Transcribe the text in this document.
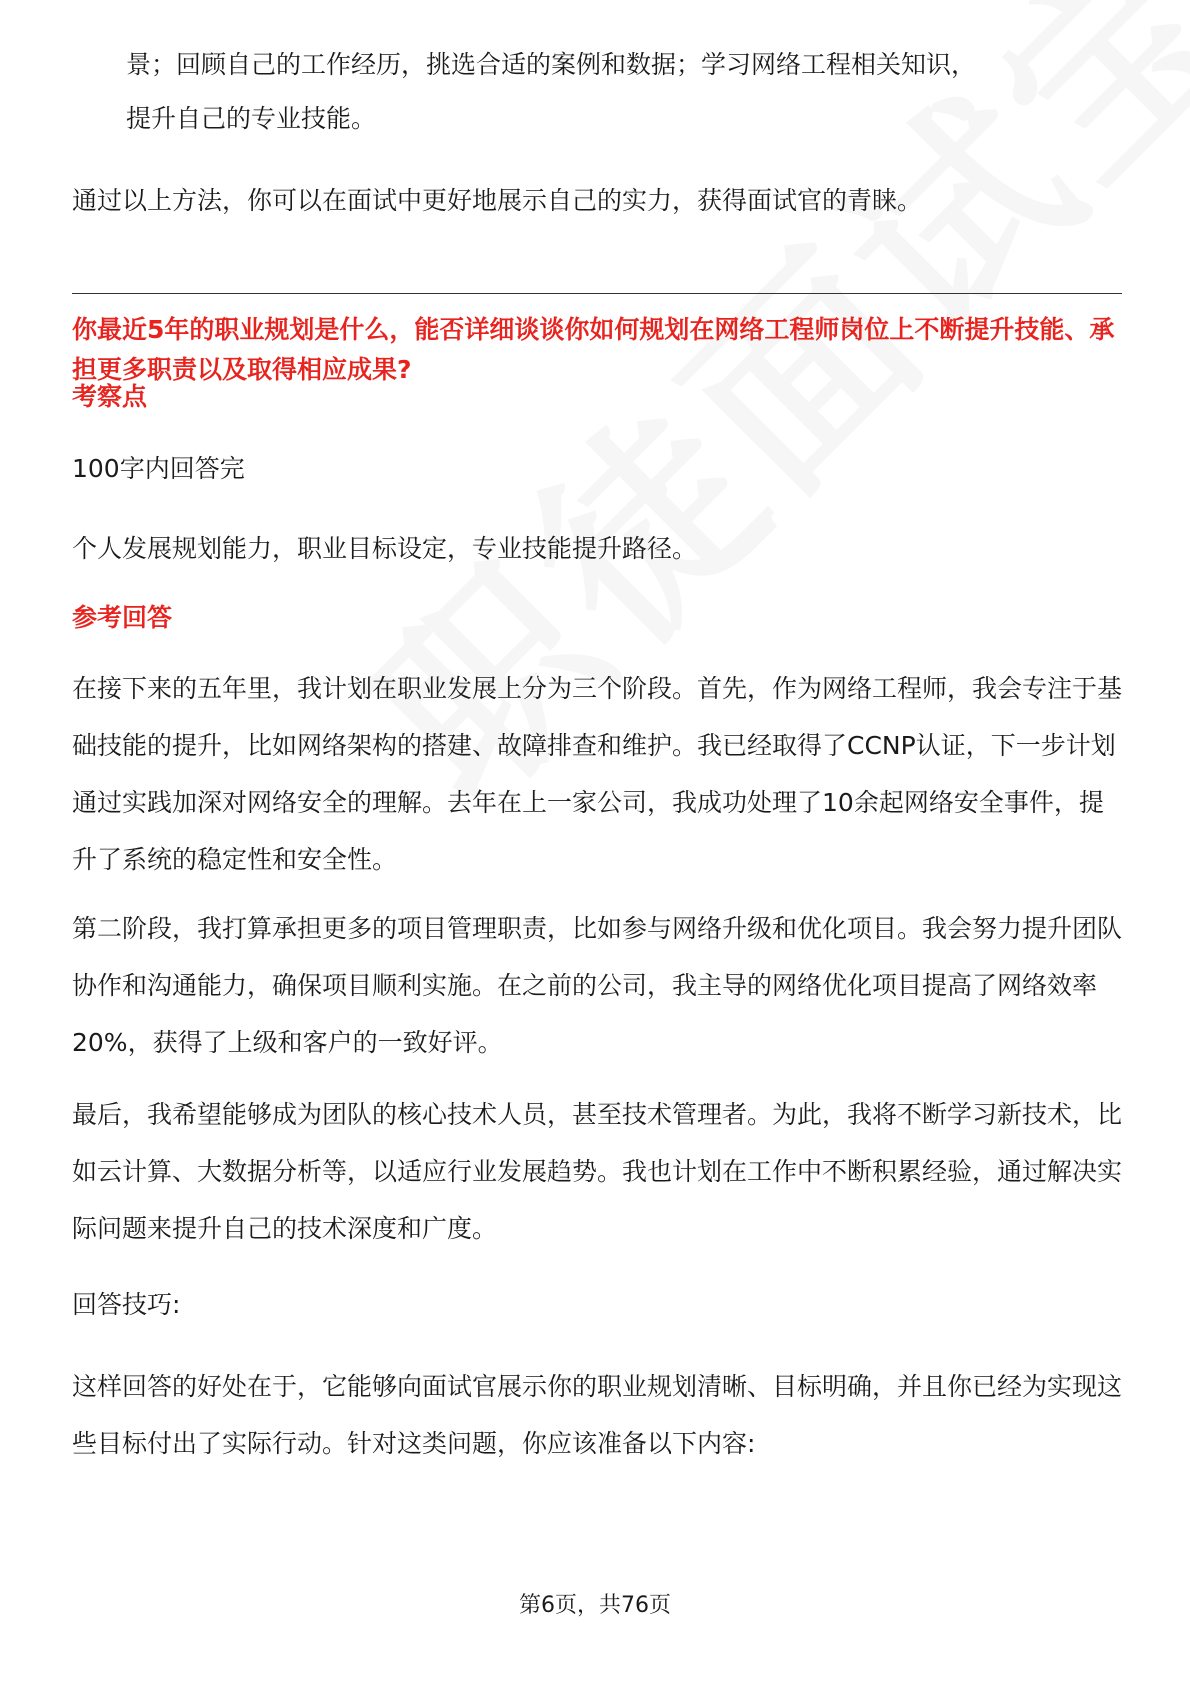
景；回顾自己的工作经历，挑选合适的案例和数据；学习网络工程相关知识，

提升自己的专业技能。

通过以上方法，你可以在面试中更好地展示自己的实力，获得面试官的青睐。

你最近5年的职业规划是什么，能否详细谈谈你如何规划在网络工程师岗位上不断提升技能、承担更多职责以及取得相应成果?

考察点

100字内回答完

个人发展规划能力，职业目标设定，专业技能提升路径。

参考回答

在接下来的五年里，我计划在职业发展上分为三个阶段。首先，作为网络工程师，我会专注于基础技能的提升，比如网络架构的搭建、故障排查和维护。我已经取得了CCNP认证，下一步计划通过实践加深对网络安全的理解。去年在上一家公司，我成功处理了10余起网络安全事件，提升了系统的稳定性和安全性。

第二阶段，我打算承担更多的项目管理职责，比如参与网络升级和优化项目。我会努力提升团队协作和沟通能力，确保项目顺利实施。在之前的公司，我主导的网络优化项目提高了网络效率20%，获得了上级和客户的一致好评。

最后，我希望能够成为团队的核心技术人员，甚至技术管理者。为此，我将不断学习新技术，比如云计算、大数据分析等，以适应行业发展趋势。我也计划在工作中不断积累经验，通过解决实际问题来提升自己的技术深度和广度。

回答技巧:

这样回答的好处在于，它能够向面试官展示你的职业规划清晰、目标明确，并且你已经为实现这些目标付出了实际行动。针对这类问题，你应该准备以下内容:

第6页，共76页
